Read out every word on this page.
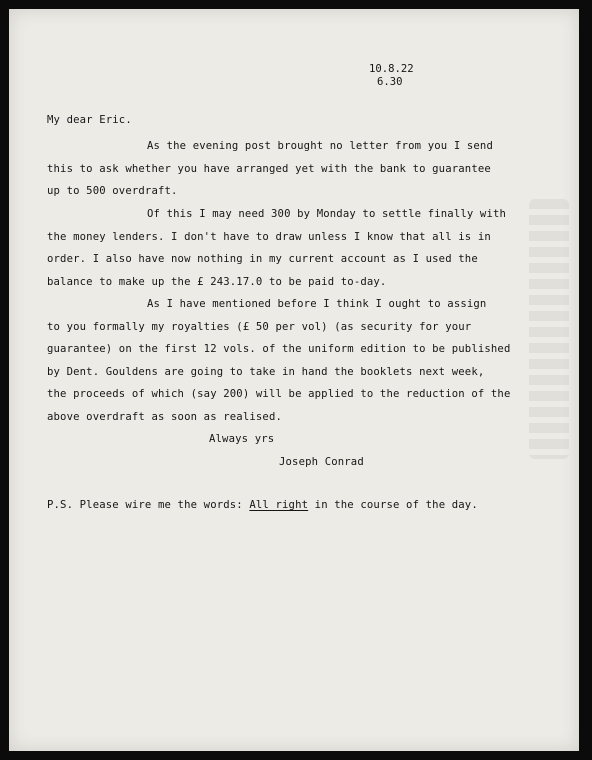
10.8.22
6.30
My dear Eric.
As the evening post brought no letter from you I send
this to ask whether you have arranged yet with the bank to guarantee
up to 500 overdraft.
Of this I may need 300 by Monday to settle finally with
the money lenders. I don't have to draw unless I know that all is in
order. I also have now nothing in my current account as I used the
balance to make up the £ 243.17.0 to be paid to-day.
As I have mentioned before I think I ought to assign
to you formally my royalties (£ 50 per vol) (as security for your
guarantee) on the first 12 vols. of the uniform edition to be published
by Dent. Gouldens are going to take in hand the booklets next week,
the proceeds of which (say 200) will be applied to the reduction of the
above overdraft as soon as realised.
Always yrs
Joseph Conrad
P.S. Please wire me the words: All right in the course of the day.
